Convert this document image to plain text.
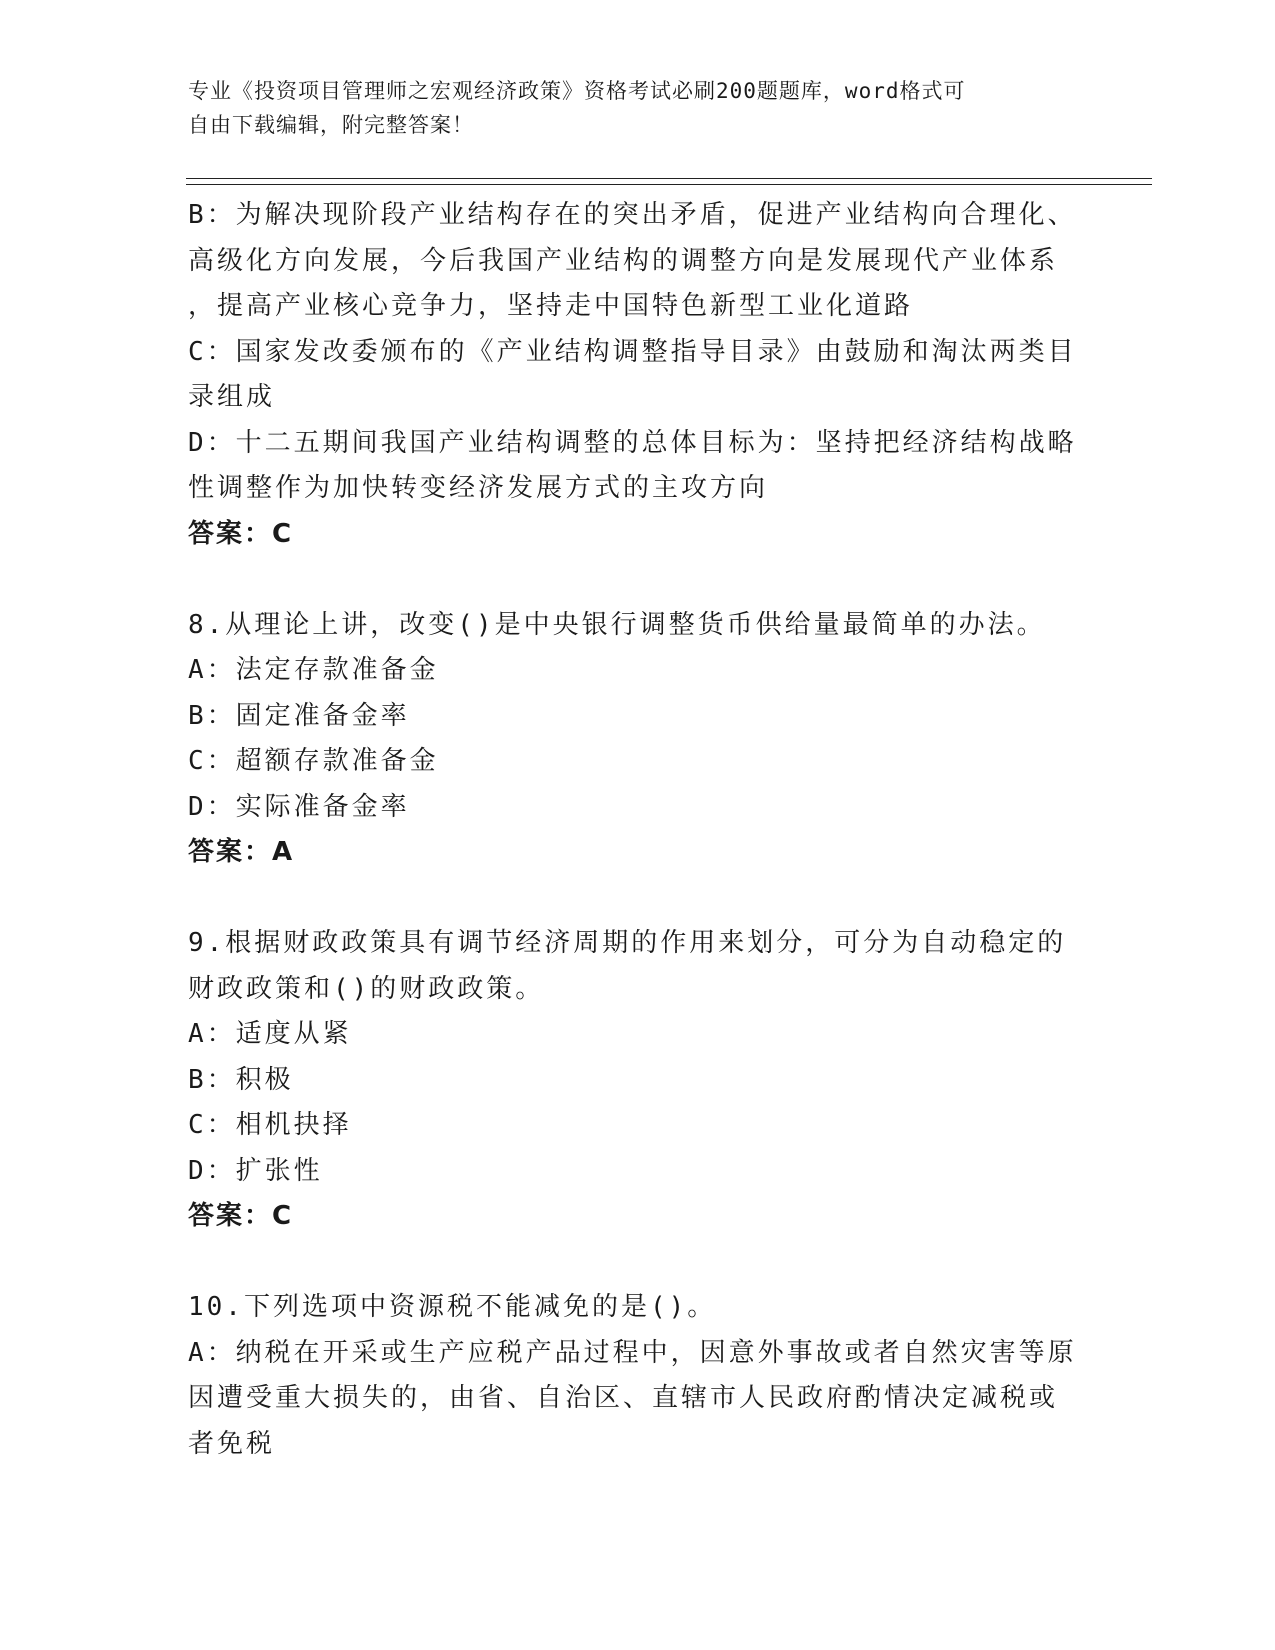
专业《投资项目管理师之宏观经济政策》资格考试必刷200题题库，word格式可
自由下载编辑，附完整答案！
B：为解决现阶段产业结构存在的突出矛盾，促进产业结构向合理化、
高级化方向发展，今后我国产业结构的调整方向是发展现代产业体系
，提高产业核心竞争力，坚持走中国特色新型工业化道路
C：国家发改委颁布的《产业结构调整指导目录》由鼓励和淘汰两类目
录组成
D：十二五期间我国产业结构调整的总体目标为：坚持把经济结构战略
性调整作为加快转变经济发展方式的主攻方向
答案：C
8.从理论上讲，改变()是中央银行调整货币供给量最简单的办法。
A：法定存款准备金
B：固定准备金率
C：超额存款准备金
D：实际准备金率
答案：A
9.根据财政政策具有调节经济周期的作用来划分，可分为自动稳定的
财政政策和()的财政政策。
A：适度从紧
B：积极
C：相机抉择
D：扩张性
答案：C
10.下列选项中资源税不能减免的是()。
A：纳税在开采或生产应税产品过程中，因意外事故或者自然灾害等原
因遭受重大损失的，由省、自治区、直辖市人民政府酌情决定减税或
者免税
